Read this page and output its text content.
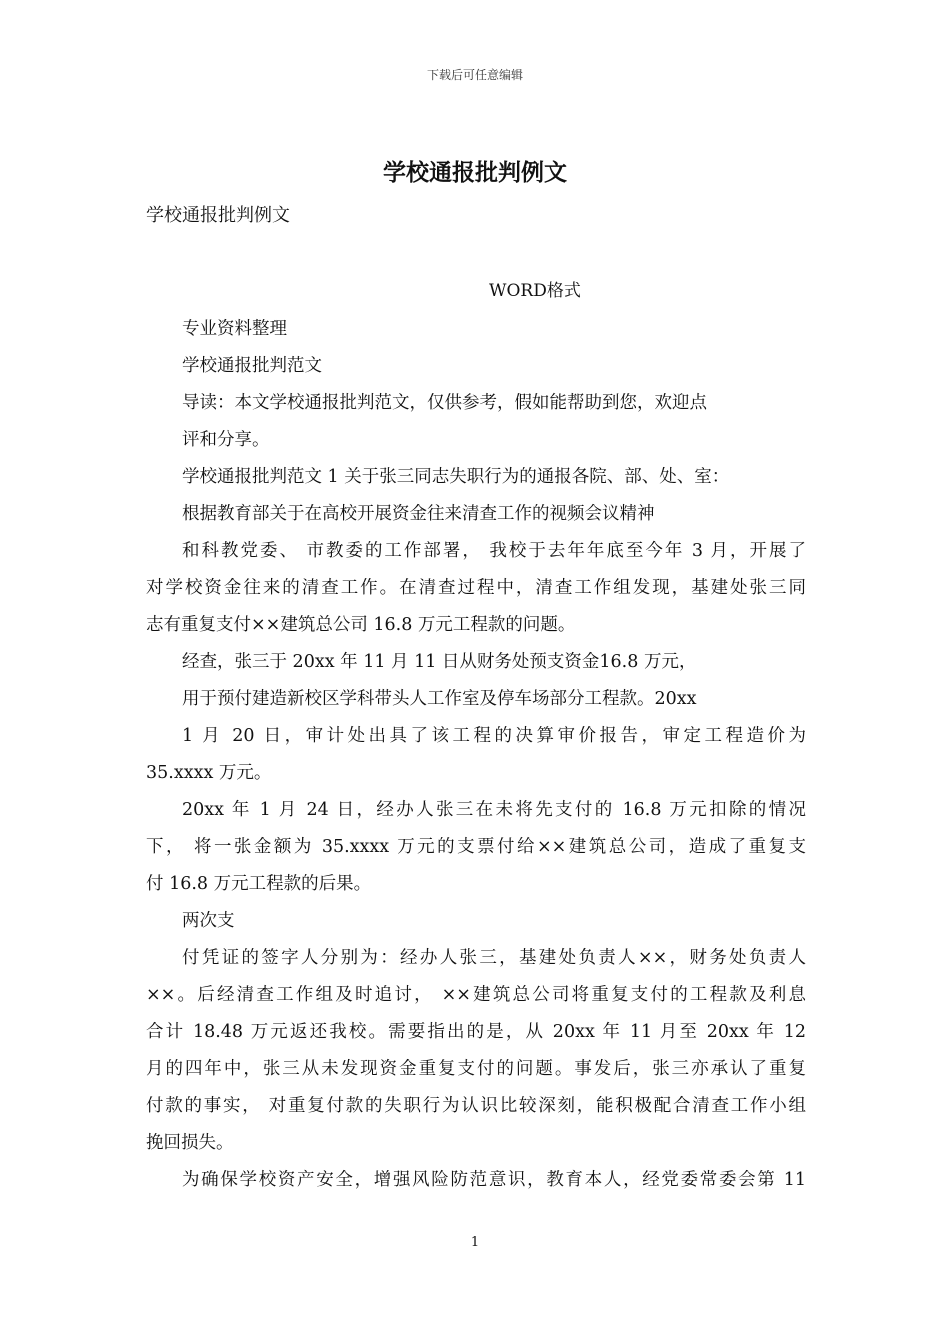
下载后可任意编辑
学校通报批判例文
学校通报批判例文
WORD格式
专业资料整理
学校通报批判范文
导读：本文学校通报批判范文，仅供参考，假如能帮助到您，欢迎点
评和分享。
学校通报批判范文 1 关于张三同志失职行为的通报各院、部、处、室：
根据教育部关于在高校开展资金往来清查工作的视频会议精神
和科教党委、 市教委的工作部署， 我校于去年年底至今年 3 月，开展了
对学校资金往来的清查工作。在清查过程中，清查工作组发现，基建处张三同
志有重复支付××建筑总公司 16.8 万元工程款的问题。
经查，张三于 20xx 年 11 月 11 日从财务处预支资金16.8 万元，
用于预付建造新校区学科带头人工作室及停车场部分工程款。20xx
1 月 20 日，审计处出具了该工程的决算审价报告，审定工程造价为
35.xxxx 万元。
20xx 年 1 月 24 日，经办人张三在未将先支付的 16.8 万元扣除的情况
下， 将一张金额为 35.xxxx 万元的支票付给××建筑总公司，造成了重复支
付 16.8 万元工程款的后果。
两次支
付凭证的签字人分别为：经办人张三，基建处负责人××，财务处负责人
××。后经清查工作组及时追讨， ××建筑总公司将重复支付的工程款及利息
合计 18.48 万元返还我校。需要指出的是，从 20xx 年 11 月至 20xx 年 12
月的四年中，张三从未发现资金重复支付的问题。事发后，张三亦承认了重复
付款的事实， 对重复付款的失职行为认识比较深刻，能积极配合清查工作小组
挽回损失。
为确保学校资产安全，增强风险防范意识，教育本人，经党委常委会第 11
1
